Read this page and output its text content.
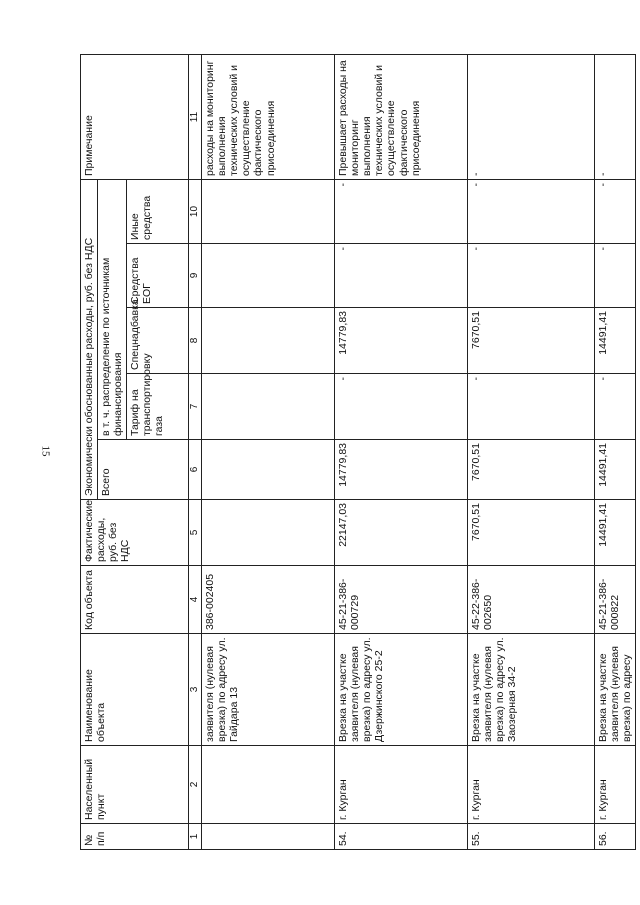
15
№ п/п	Населенный пункт	Наименование объекта	Код объекта	Фактические расходы, руб. без НДС	Экономически обоснованные расходы, руб. без НДС					Примечание
					Всего	в т. ч. распределение по источникам финансирования				
						Тариф на транспортировку газа	Спецнадбавка	Средства ЕОГ	Иные средства	
1	2	3	4	5	6	7	8	9	10	11
		заявителя (нулевая врезка) по адресу ул. Гайдара 13	386-002405							расходы на мониторинг выполнения технических условий и осуществление фактического присоединения
54.	г. Курган	Врезка на участке заявителя (нулевая врезка) по адресу ул. Дзержинского 25-2	45-21-386-000729	22147,03	14779,83	-	14779,83	-	-	Превышает расходы на мониторинг выполнения технических условий и осуществление фактического присоединения
55.	г. Курган	Врезка на участке заявителя (нулевая врезка) по адресу ул. Заозерная 34-2	45-22-386-002650	7670,51	7670,51	-	7670,51	-	-	-
56.	г. Курган	Врезка на участке заявителя (нулевая врезка) по адресу	45-21-386-000822	14491,41	14491,41	-	14491,41	-	-	-
